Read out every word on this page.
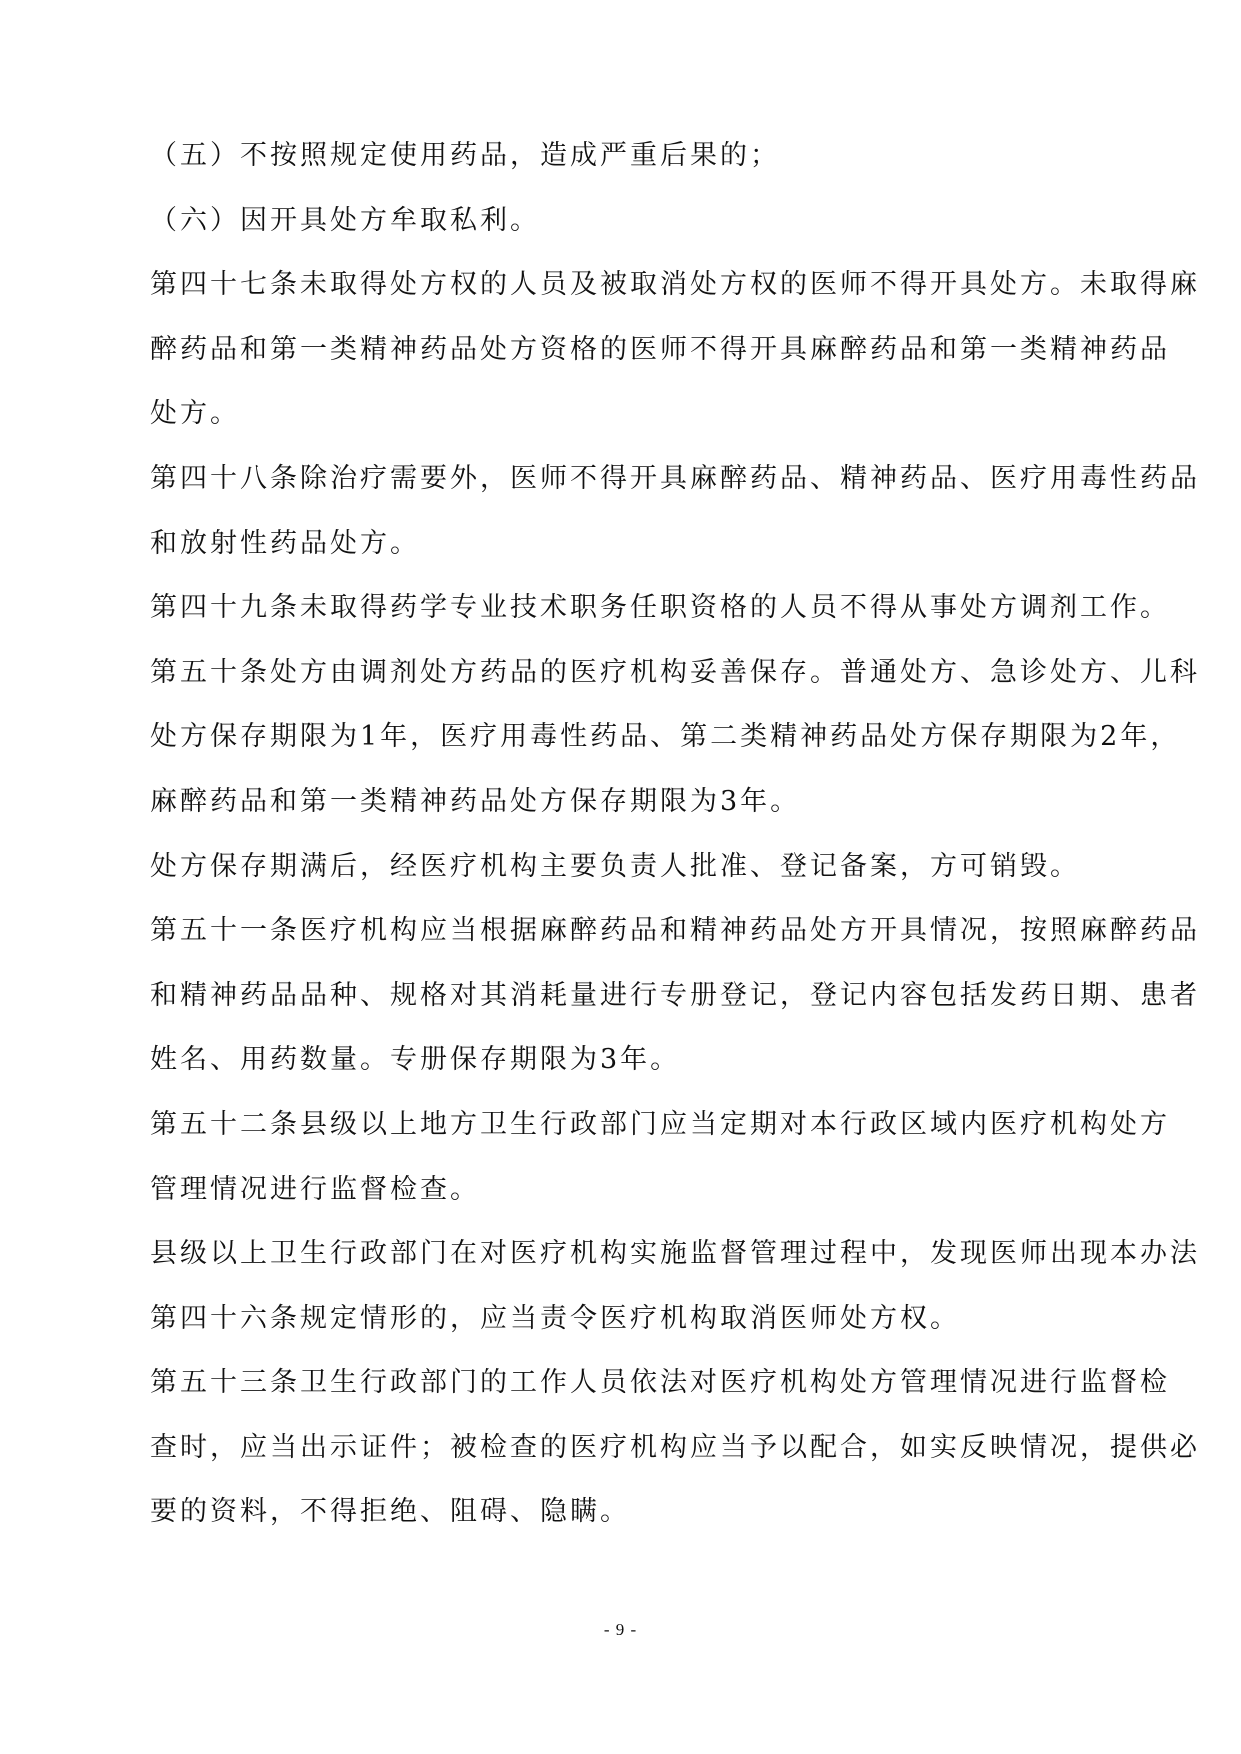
（五）不按照规定使用药品，造成严重后果的；
（六）因开具处方牟取私利。
第四十七条未取得处方权的人员及被取消处方权的医师不得开具处方。未取得麻
醉药品和第一类精神药品处方资格的医师不得开具麻醉药品和第一类精神药品
处方。
第四十八条除治疗需要外，医师不得开具麻醉药品、精神药品、医疗用毒性药品
和放射性药品处方。
第四十九条未取得药学专业技术职务任职资格的人员不得从事处方调剂工作。
第五十条处方由调剂处方药品的医疗机构妥善保存。普通处方、急诊处方、儿科
处方保存期限为1年，医疗用毒性药品、第二类精神药品处方保存期限为2年，
麻醉药品和第一类精神药品处方保存期限为3年。
处方保存期满后，经医疗机构主要负责人批准、登记备案，方可销毁。
第五十一条医疗机构应当根据麻醉药品和精神药品处方开具情况，按照麻醉药品
和精神药品品种、规格对其消耗量进行专册登记，登记内容包括发药日期、患者
姓名、用药数量。专册保存期限为3年。
第五十二条县级以上地方卫生行政部门应当定期对本行政区域内医疗机构处方
管理情况进行监督检查。
县级以上卫生行政部门在对医疗机构实施监督管理过程中，发现医师出现本办法
第四十六条规定情形的，应当责令医疗机构取消医师处方权。
第五十三条卫生行政部门的工作人员依法对医疗机构处方管理情况进行监督检
查时，应当出示证件；被检查的医疗机构应当予以配合，如实反映情况，提供必
要的资料，不得拒绝、阻碍、隐瞒。
- 9 -
